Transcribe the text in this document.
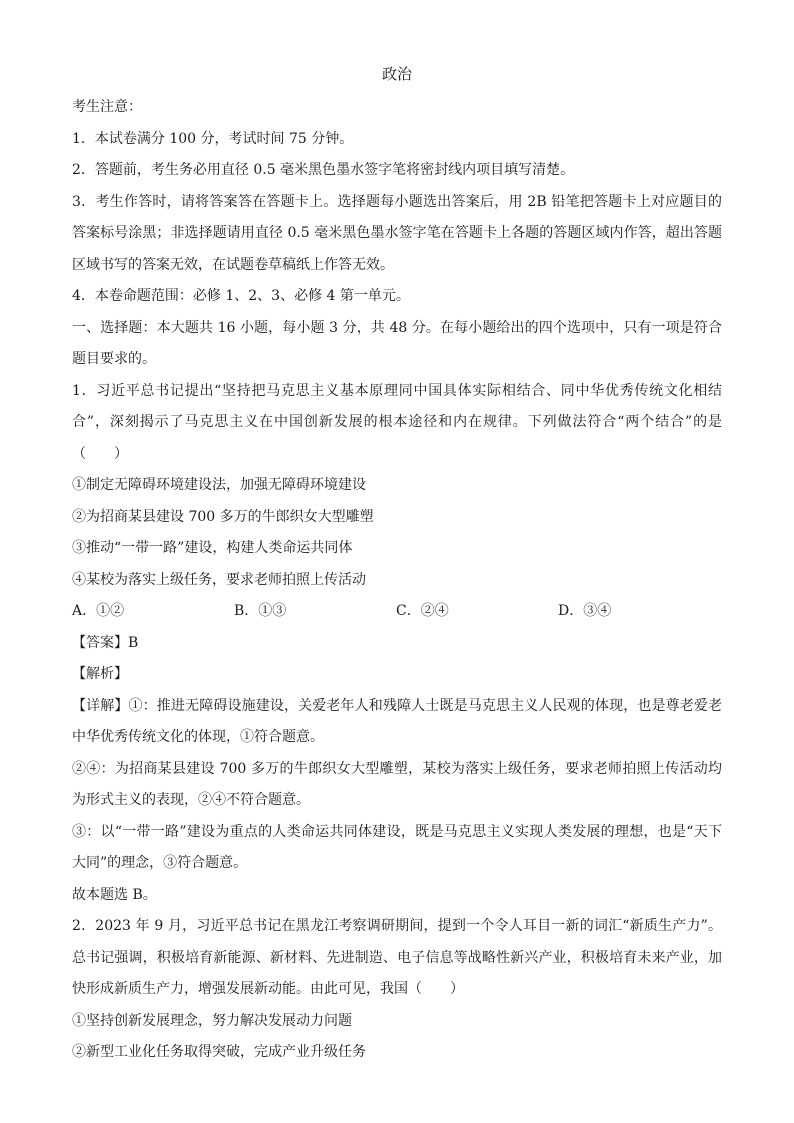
政治
考生注意：
1．本试卷满分 100 分，考试时间 75 分钟。
2．答题前，考生务必用直径 0.5 毫米黑色墨水签字笔将密封线内项目填写清楚。
3．考生作答时，请将答案答在答题卡上。选择题每小题选出答案后，用 2B 铅笔把答题卡上对应题目的答案标号涂黑；非选择题请用直径 0.5 毫米黑色墨水签字笔在答题卡上各题的答题区域内作答，超出答题区域书写的答案无效，在试题卷草稿纸上作答无效。
4．本卷命题范围：必修 1、2、3、必修 4 第一单元。
一、选择题：本大题共 16 小题，每小题 3 分，共 48 分。在每小题给出的四个选项中，只有一项是符合题目要求的。
1．习近平总书记提出“坚持把马克思主义基本原理同中国具体实际相结合、同中华优秀传统文化相结合”，深刻揭示了马克思主义在中国创新发展的根本途径和内在规律。下列做法符合“两个结合”的是（　　）
①制定无障碍环境建设法，加强无障碍环境建设
②为招商某县建设 700 多万的牛郎织女大型雕塑
③推动“一带一路”建设，构建人类命运共同体
④某校为落实上级任务，要求老师拍照上传活动
A．①②	B．①③	C．②④	D．③④
【答案】B
【解析】
【详解】①：推进无障碍设施建设，关爱老年人和残障人士既是马克思主义人民观的体现，也是尊老爱老中华优秀传统文化的体现，①符合题意。
②④：为招商某县建设 700 多万的牛郎织女大型雕塑，某校为落实上级任务，要求老师拍照上传活动均为形式主义的表现，②④不符合题意。
③：以“一带一路”建设为重点的人类命运共同体建设，既是马克思主义实现人类发展的理想，也是“天下大同”的理念，③符合题意。
故本题选 B。
2．2023 年 9 月，习近平总书记在黑龙江考察调研期间，提到一个令人耳目一新的词汇“新质生产力”。总书记强调，积极培育新能源、新材料、先进制造、电子信息等战略性新兴产业，积极培育未来产业，加快形成新质生产力，增强发展新动能。由此可见，我国（　　）
①坚持创新发展理念，努力解决发展动力问题
②新型工业化任务取得突破，完成产业升级任务
